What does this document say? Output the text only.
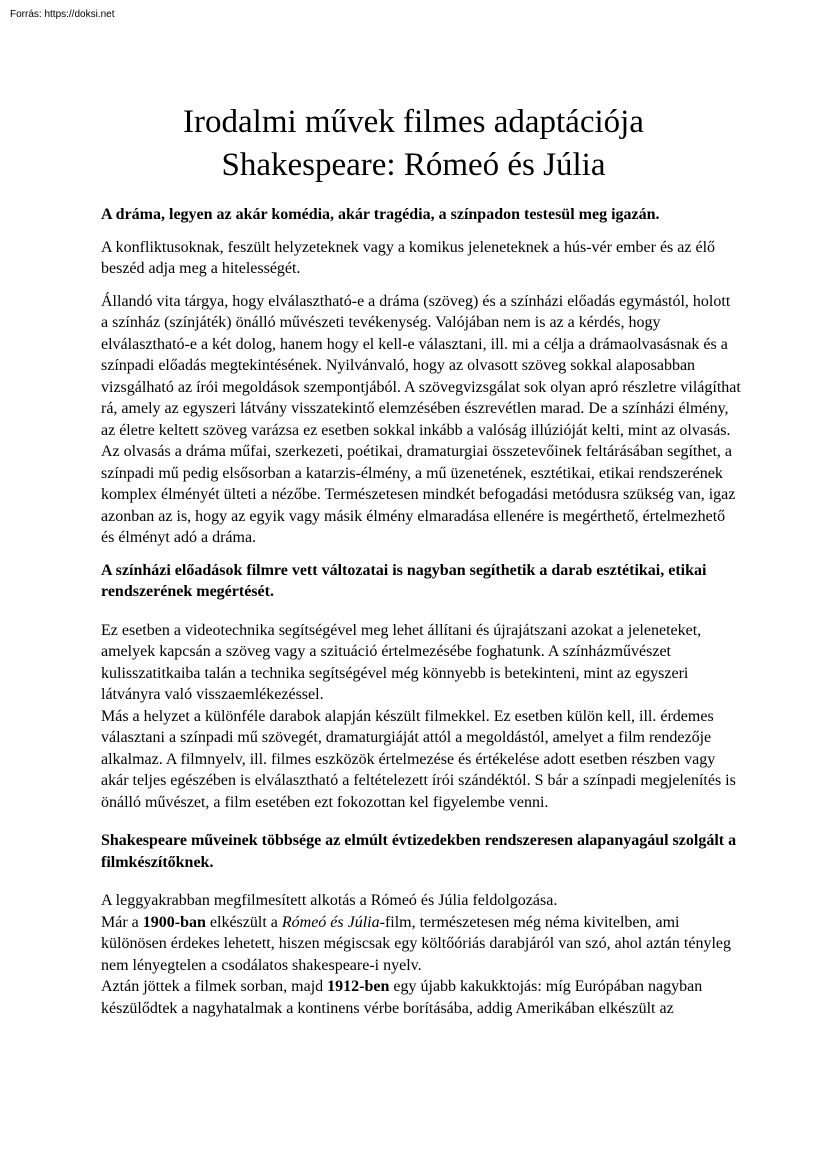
Forrás: https://doksi.net
Irodalmi művek filmes adaptációja
Shakespeare: Rómeó és Júlia

A dráma, legyen az akár komédia, akár tragédia, a színpadon testesül meg igazán.

A konfliktusoknak, feszült helyzeteknek vagy a komikus jeleneteknek a hús-vér ember és az élő beszéd adja meg a hitelességét.

Állandó vita tárgya, hogy elválasztható-e a dráma (szöveg) és a színházi előadás egymástól, holott a színház (színjáték) önálló művészeti tevékenység. Valójában nem is az a kérdés, hogy elválasztható-e a két dolog, hanem hogy el kell-e választani, ill. mi a célja a drámaolvasásnak és a színpadi előadás megtekintésének. Nyilvánvaló, hogy az olvasott szöveg sokkal alaposabban vizsgálható az írói megoldások szempontjából. A szövegvizsgálat sok olyan apró részletre világíthat rá, amely az egyszeri látvány visszatekintő elemzésében észrevétlen marad. De a színházi élmény, az életre keltett szöveg varázsa ez esetben sokkal inkább a valóság illúzióját kelti, mint az olvasás. Az olvasás a dráma műfai, szerkezeti, poétikai, dramaturgiai összetevőinek feltárásában segíthet, a színpadi mű pedig elsősorban a katarzis-élmény, a mű üzenetének, esztétikai, etikai rendszerének komplex élményét ülteti a nézőbe. Természetesen mindkét befogadási metódusra szükség van, igaz azonban az is, hogy az egyik vagy másik élmény elmaradása ellenére is megérthető, értelmezhető és élményt adó a dráma.

A színházi előadások filmre vett változatai is nagyban segíthetik a darab esztétikai, etikai rendszerének megértését.

Ez esetben a videotechnika segítségével meg lehet állítani és újrajátszani azokat a jeleneteket, amelyek kapcsán a szöveg vagy a szituáció értelmezésébe foghatunk. A színházművészet kulisszatitkaiba talán a technika segítségével még könnyebb is betekinteni, mint az egyszeri látványra való visszaemlékezéssel.

Más a helyzet a különféle darabok alapján készült filmekkel. Ez esetben külön kell, ill. érdemes választani a színpadi mű szövegét, dramaturgiáját attól a megoldástól, amelyet a film rendezője alkalmaz. A filmnyelv, ill. filmes eszközök értelmezése és értékelése adott esetben részben vagy akár teljes egészében is elválasztható a feltételezett írói szándéktól. S bár a színpadi megjelenítés is önálló művészet, a film esetében ezt fokozottan kel figyelembe venni.

Shakespeare műveinek többsége az elmúlt évtizedekben rendszeresen alapanyagául szolgált a filmkészítőknek.

A leggyakrabban megfilmesített alkotás a Rómeó és Júlia feldolgozása.

Már a 1900-ban elkészült a Rómeó és Júlia-film, természetesen még néma kivitelben, ami különösen érdekes lehetett, hiszen mégiscsak egy költőóriás darabjáról van szó, ahol aztán tényleg nem lényegtelen a csodálatos shakespeare-i nyelv.

Aztán jöttek a filmek sorban, majd 1912-ben egy újabb kakukktojás: míg Európában nagyban készülődtek a nagyhatalmak a kontinens vérbe borításába, addig Amerikában elkészült az
